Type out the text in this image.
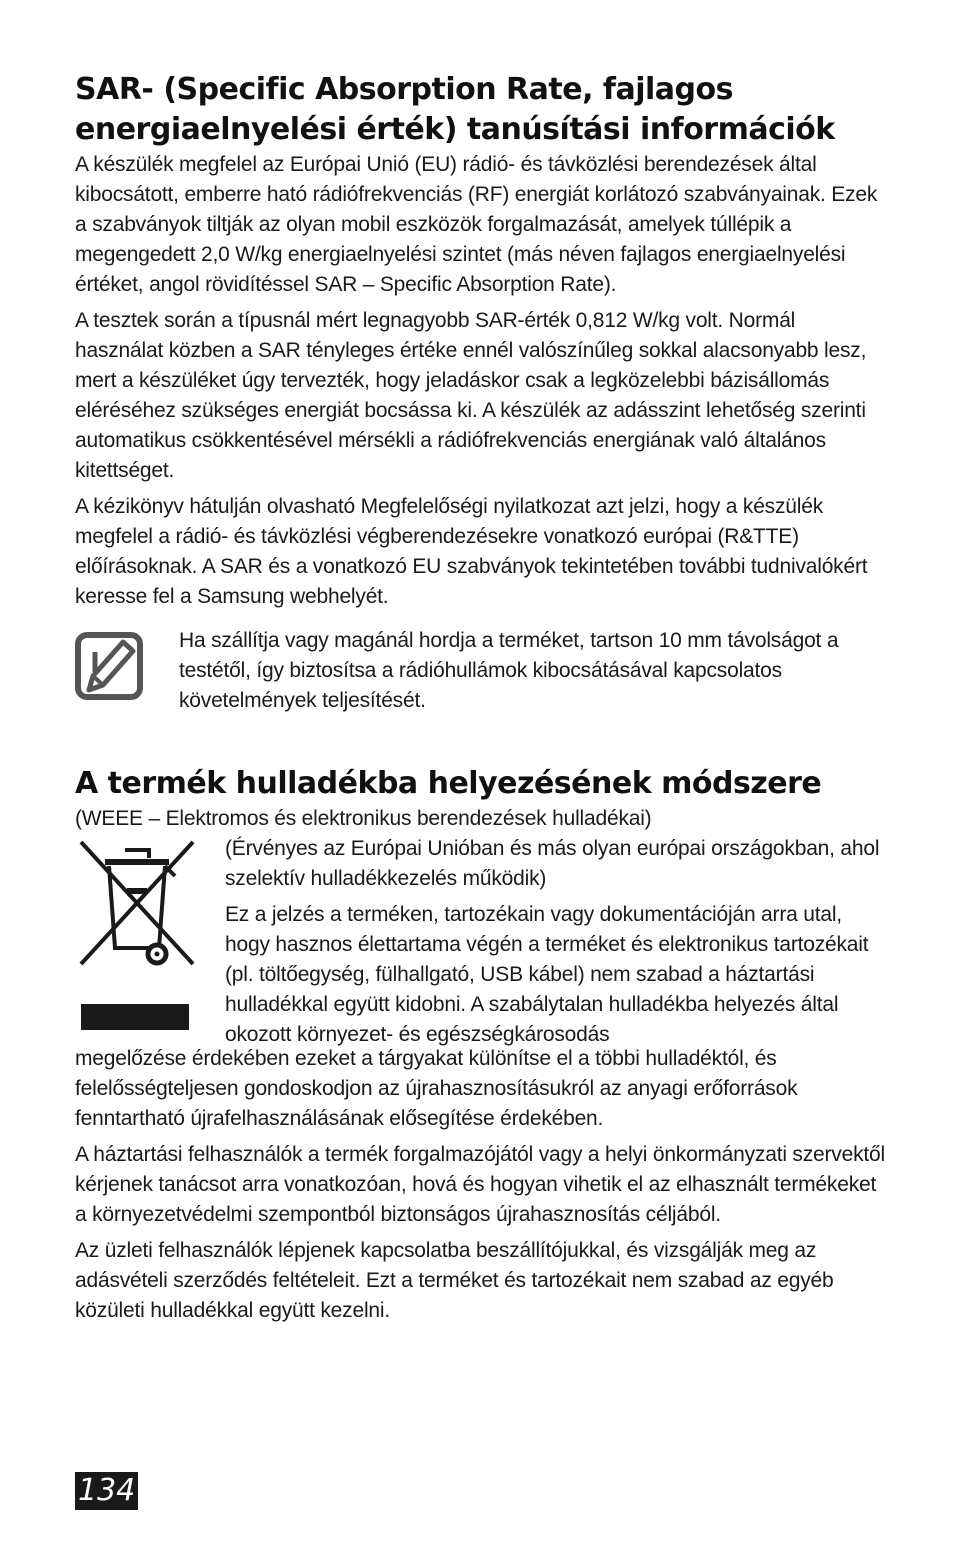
SAR- (Specific Absorption Rate, fajlagos
energiaelnyelési érték) tanúsítási információk

A készülék megfelel az Európai Unió (EU) rádió- és távközlési berendezések által kibocsátott, emberre ható rádiófrekvenciás (RF) energiát korlátozó szabványainak. Ezek a szabványok tiltják az olyan mobil eszközök forgalmazását, amelyek túllépik a megengedett 2,0 W/kg energiaelnyelési szintet (más néven fajlagos energiaelnyelési értéket, angol rövidítéssel SAR – Specific Absorption Rate).

A tesztek során a típusnál mért legnagyobb SAR-érték 0,812 W/kg volt. Normál használat közben a SAR tényleges értéke ennél valószínűleg sokkal alacsonyabb lesz, mert a készüléket úgy tervezték, hogy jeladáskor csak a legközelebbi bázisállomás eléréséhez szükséges energiát bocsássa ki. A készülék az adásszint lehetőség szerinti automatikus csökkentésével mérsékli a rádiófrekvenciás energiának való általános kitettséget.

A kézikönyv hátulján olvasható Megfelelőségi nyilatkozat azt jelzi, hogy a készülék megfelel a rádió- és távközlési végberendezésekre vonatkozó európai (R&TTE) előírásoknak. A SAR és a vonatkozó EU szabványok tekintetében további tudnivalókért keresse fel a Samsung webhelyét.

Ha szállítja vagy magánál hordja a terméket, tartson 10 mm távolságot a testétől, így biztosítsa a rádióhullámok kibocsátásával kapcsolatos követelmények teljesítését.

A termék hulladékba helyezésének módszere

(WEEE – Elektromos és elektronikus berendezések hulladékai)

(Érvényes az Európai Unióban és más olyan európai országokban, ahol szelektív hulladékkezelés működik)

Ez a jelzés a terméken, tartozékain vagy dokumentációján arra utal, hogy hasznos élettartama végén a terméket és elektronikus tartozékait (pl. töltőegység, fülhallgató, USB kábel) nem szabad a háztartási hulladékkal együtt kidobni. A szabálytalan hulladékba helyezés által okozott környezet- és egészségkárosodás

megelőzése érdekében ezeket a tárgyakat különítse el a többi hulladéktól, és felelősségteljesen gondoskodjon az újrahasznosításukról az anyagi erőforrások fenntartható újrafelhasználásának elősegítése érdekében.

A háztartási felhasználók a termék forgalmazójától vagy a helyi önkormányzati szervektől kérjenek tanácsot arra vonatkozóan, hová és hogyan vihetik el az elhasznált termékeket a környezetvédelmi szempontból biztonságos újrahasznosítás céljából.

Az üzleti felhasználók lépjenek kapcsolatba beszállítójukkal, és vizsgálják meg az adásvételi szerződés feltételeit. Ezt a terméket és tartozékait nem szabad az egyéb közületi hulladékkal együtt kezelni.

134
